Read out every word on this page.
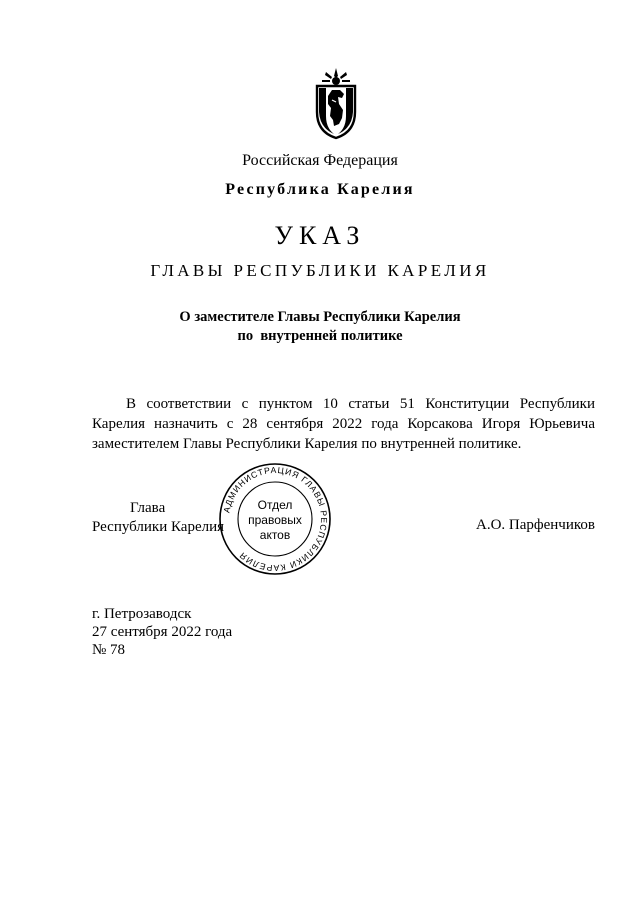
Российская Федерация
Республика Карелия
УКАЗ
ГЛАВЫ РЕСПУБЛИКИ КАРЕЛИЯ
О заместителе Главы Республики Карелия
по  внутренней политике
В соответствии с пунктом 10 статьи 51 Конституции Республики Карелия назначить с 28 сентября 2022 года Корсакова Игоря Юрьевича заместителем Главы Республики Карелия по внутренней политике.
Глава
Республики Карелия
АДМИНИСТРАЦИЯ ГЛАВЫ РЕСПУБЛИКИ КАРЕЛИЯ
Отдел
правовых
актов
А.О. Парфенчиков
г. Петрозаводск
27 сентября 2022 года
№ 78
